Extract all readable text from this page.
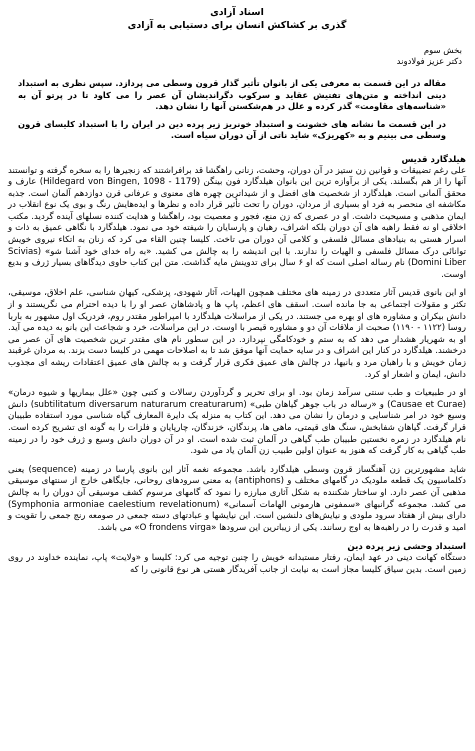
اسناد آزادی
گذری بر کشاکش انسان برای دستیابی به آزادی
بخش سوم
دکتر عزیز فولادوند
مقاله در این قسمت به معرفی یکی از بانوان تأثیر گذار قرون وسطی می پردازد. سپس نظری به استبداد دینی انداخته و متن‌های تفتیش عقاید و سرکوب دگراندیشان آن عصر را می کاود تا در پرتو آن به «شناسه‌های مقاومت» گذر کرده و علل در هم‌شکستن آنها را نشان دهد.
در این قسمت ما نشانه های خشونت و استبداد خونریز زیر پرده دین در ایران را با استبداد کلیسای قرون وسطی می بینیم و به «کهریزک» شاید ناتی از آن دوران سیاه است.
هیلدگارد قدیس

علی رغم تضییقات و قوانین زن ستیز در آن دوران، وحشت، زنانی راهگشا قد برافراشتند که زنجیرها را به سخره گرفته و توانستند آنها را از هم بگسلند. یکی از برآوازه ترین این بانوان هیلدگارد فون بینگن (Hildegard von Bingen, 1098 - 1179) عارف و محقق آلمانی است. هیلدگارد از شخصیت های افضل و از شیداترین چهره های معنوی و عرفانی قرن دوازدهم آلمان است. جذبه مکاشفه ای منحصر به فرد او بسیاری از مردان، دوران را تحت تأثیر قرار داده و نظرها و ایده‌هایش رنگ و بوی یک نوع انقلاب در ایمان مذهبی و مسیحیت داشت. او در عصری که زن منع، فجور و معصیت بود، راهگشا و هدایت کننده نسلهای آینده گردید. مکتب اخلاقی او نه فقط راهبه های آن دوران بلکه اشراف، رهبان و پارسایان را شیفته خود می نمود. هیلدگارد با نگاهی عمیق به ذات و اسرار هستی به بنیادهای مسائل فلسفی و کلامی آن دوران می تاخت. کلیسا چنین القاء می کرد که زنان به اتکاء نیروی خویش توانائی درک مسائل فلسفی و الهیات را ندارند. با این اندیشه را به چالش می کشید. «به راه خدای خود آشنا شو» (Scivias Domini Liber) نام رساله اصلی است که او ۶ سال برای تدوینش مایه گذاشت. متن این کتاب حاوی دیدگاهای بسیار ژرف و بدیع اوست.

او این بانوی قدیس آثار متعددی در زمینه های مختلف همچون الهیات، آثار شهودی، پزشکی، کیهان شناسی، علم اخلاق، موسیقی، تکثر و مقولات اجتماعی به جا مانده است. اسقف های اعظم، پاپ ها و پادشاهان عصر او را با دیده احترام می نگریستند و از دانش بیکران و مشاوره های او بهره می جستند. در یکی از مراسلات هیلدگارد با امپراطور مقتدر روم، فردریک اول مشهور به باربا روسا (۱۱۲۲ - ۱۱۹۰) صحبت از ملاقات آن دو و مشاوره قیصر با اوست. در این مراسلات، خرد و شجاعت این بانو به دیده می آید. او به شهریار هشدار می دهد که به ستم و خودکامگی نپردازد. در این سطور نام های مقتدر ترین شخصیت های آن عصر می درخشند. هیلدگارد در کنار این اشراف و در سایه حمایت آنها موفق شد تا به اصلاحات مهمی در کلیسا دست بزند. به مردان غرقبند زمان خویش و با راهبان مرد و بانیها، در چالش های عمیق فکری قرار گرفت و به چالش های عمیق اعتقادات ریشه ای مجذوب دانش، ایمان و اشعار او کرد.

او در طبیعیات و طب سنتی سرآمد زمان بود. او برای تحریر و گردآوردن رسالات و کتبی چون «علل بیماریها و شیوه درمان» (Causae et Curae) و «رساله در باب جوهر گیاهان طبی» (subtilitatum diversarum naturarum creaturarum) دانش وسیع خود در امر شناسایی و درمان را نشان می دهد. این کتاب به منزله یک دایرة المعارف گیاه شناسی مورد استفاده طبیبان قرار گرفت. گیاهان شفابخش، سنگ های قیمتی، ماهی ها، پرندگان، خزندگان، چارپایان و فلزات را به گونه ای تشریح کرده است. نام هیلدگارد در زمره نخستین طبیبان طب گیاهی در آلمان ثبت شده است. او در آن دوران دانش وسیع و ژرف خود را در زمینه طب گیاهی به کار گرفت که هنوز به عنوان اولین طبیب زن آلمان یاد می شود.

شاید مشهورترین زن آهنگساز قرون وسطی هیلدگارد باشد. مجموعه نغمه آثار این بانوی پارسا در زمینه (sequence) یعنی دکلماسیون یک قطعه ملودیک در گامهای مختلف و (antiphons) به معنی سرودهای روحانی، جایگاهی خارج از سنتهای موسیقی مذهبی آن عصر دارد. او ساختار شکننده به شکل آثاری مبارزه را نمود که گامهای مرسوم کشف موسیقی آن دوران را به چالش می کشد. مجموعه گرانبهای «سمفونی هارمونی الهامات آسمانی» (Symphonia armoniae caelestium revelationum) دارای بیش از هفتاد سرود ملودی و نیایش‌های دلنشین است. این نیایشها و عبادتهای دسته جمعی در صومعه رنج جمعی را تقویت و امید و قدرت را در راهبه‌ها به اوج رسانند. یکی از زیباترین این سرودها «O frondens virga» می باشد.

استبداد وحشی زیر پرده دین

دستگاه کهانت دینی در عهد ایمان، رفتار مستبدانه خویش را چنین توجیه می کرد: کلیسا و «ولایت» پاپ، نماینده خداوند در روی زمین است. بدین سیاق کلیسا مجاز است به نیابت از جانب آفریدگار هستی هر نوع قانونی را که
